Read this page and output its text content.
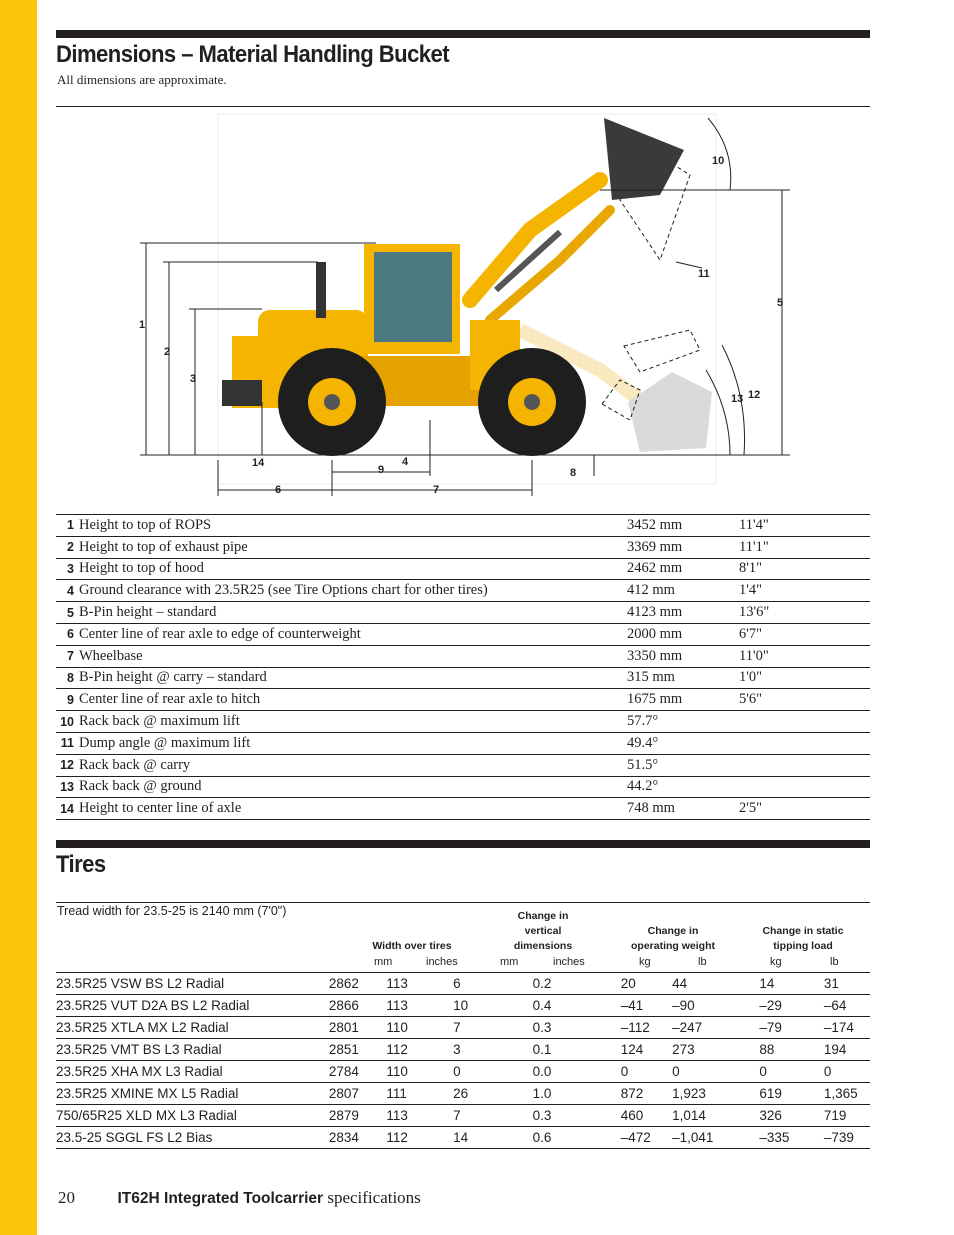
Dimensions – Material Handling Bucket
All dimensions are approximate.
1
2
3
4
5
6	7
8
9
10
11
12
13
14
1	Height to top of ROPS	3452 mm	11'4"
2	Height to top of exhaust pipe	3369 mm	11'1"
3	Height to top of hood	2462 mm	8'1"
4	Ground clearance with 23.5R25 (see Tire Options chart for other tires)	412 mm	1'4"
5	B-Pin height – standard	4123 mm	13'6"
6	Center line of rear axle to edge of counterweight	2000 mm	6'7"
7	Wheelbase	3350 mm	11'0"
8	B-Pin height @ carry – standard	315 mm	1'0"
9	Center line of rear axle to hitch	1675 mm	5'6"
10	Rack back @ maximum lift	57.7°	
11	Dump angle @ maximum lift	49.4°	
12	Rack back @ carry	51.5°	
13	Rack back @ ground	44.2°	
14	Height to center line of axle	748 mm	2'5"
Tires
Tread width for 23.5-25 is 2140 mm (7'0")
Width over tires
Change in
vertical
dimensions
Change in
operating weight
Change in static
tipping load
mm	inches	mm	inches	kg	lb	kg	lb
23.5R25 VSW BS L2 Radial	2862	113	6	0.2	20	44	14	31
23.5R25 VUT D2A BS L2 Radial	2866	113	10	0.4	–41	–90	–29	–64
23.5R25 XTLA MX L2 Radial	2801	110	7	0.3	–112	–247	–79	–174
23.5R25 VMT BS L3 Radial	2851	112	3	0.1	124	273	88	194
23.5R25 XHA MX L3 Radial	2784	110	0	0.0	0	0	0	0
23.5R25 XMINE MX L5 Radial	2807	111	26	1.0	872	1,923	619	1,365
750/65R25 XLD MX L3 Radial	2879	113	7	0.3	460	1,014	326	719
23.5-25 SGGL FS L2 Bias	2834	112	14	0.6	–472	–1,041	–335	–739
20	IT62H Integrated Toolcarrier specifications
